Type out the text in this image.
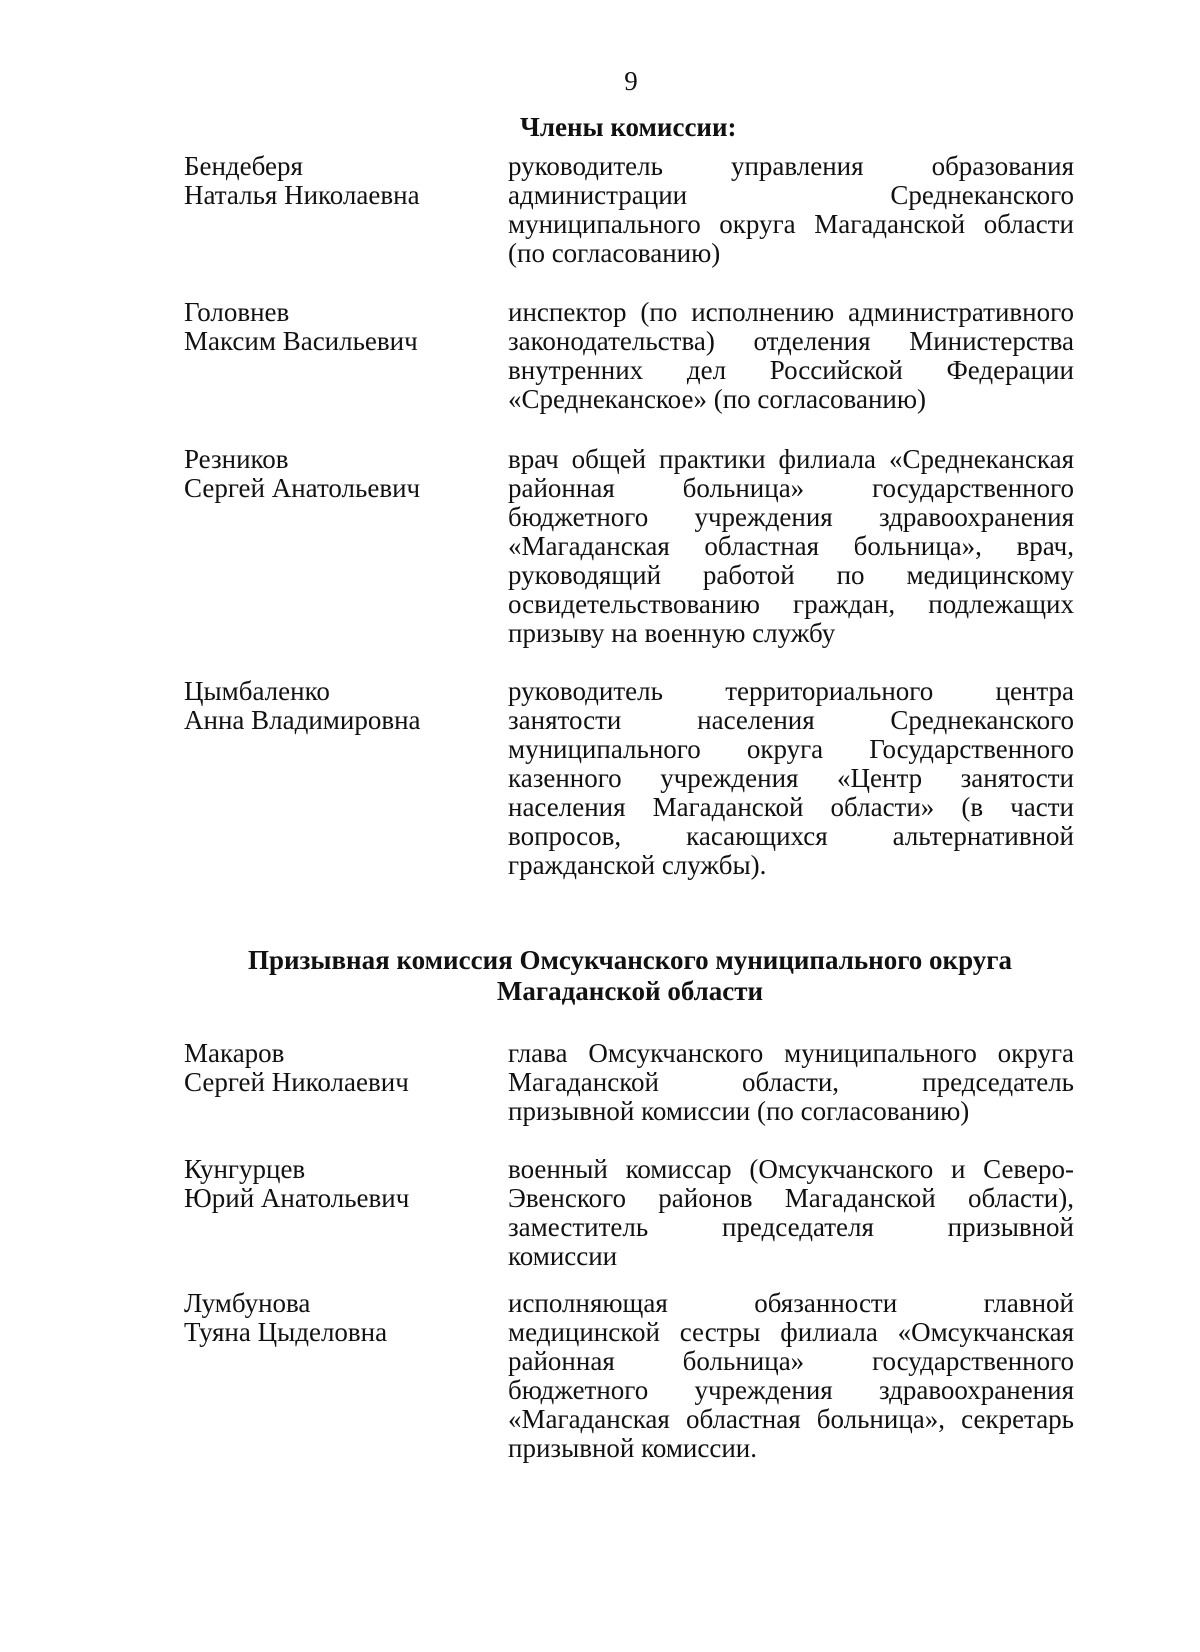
9
Члены комиссии:
Бендеберя
Наталья Николаевна
руководитель управления образования
администрации Среднеканского
муниципального округа Магаданской области
(по согласованию)
Головнев
Максим Васильевич
инспектор (по исполнению административного
законодательства) отделения Министерства
внутренних дел Российской Федерации
«Среднеканское» (по согласованию)
Резников
Сергей Анатольевич
врач общей практики филиала «Среднеканская
районная больница» государственного
бюджетного учреждения здравоохранения
«Магаданская областная больница», врач,
руководящий работой по медицинскому
освидетельствованию граждан, подлежащих
призыву на военную службу
Цымбаленко
Анна Владимировна
руководитель территориального центра
занятости населения Среднеканского
муниципального округа Государственного
казенного учреждения «Центр занятости
населения Магаданской области» (в части
вопросов, касающихся альтернативной
гражданской службы).
Призывная комиссия Омсукчанского муниципального округа
Магаданской области
Макаров
Сергей Николаевич
глава Омсукчанского муниципального округа
Магаданской области, председатель
призывной комиссии (по согласованию)
Кунгурцев
Юрий Анатольевич
военный комиссар (Омсукчанского и Северо-
Эвенского районов Магаданской области),
заместитель председателя призывной
комиссии
Лумбунова
Туяна Цыделовна
исполняющая обязанности главной
медицинской сестры филиала «Омсукчанская
районная больница» государственного
бюджетного учреждения здравоохранения
«Магаданская областная больница», секретарь
призывной комиссии.
